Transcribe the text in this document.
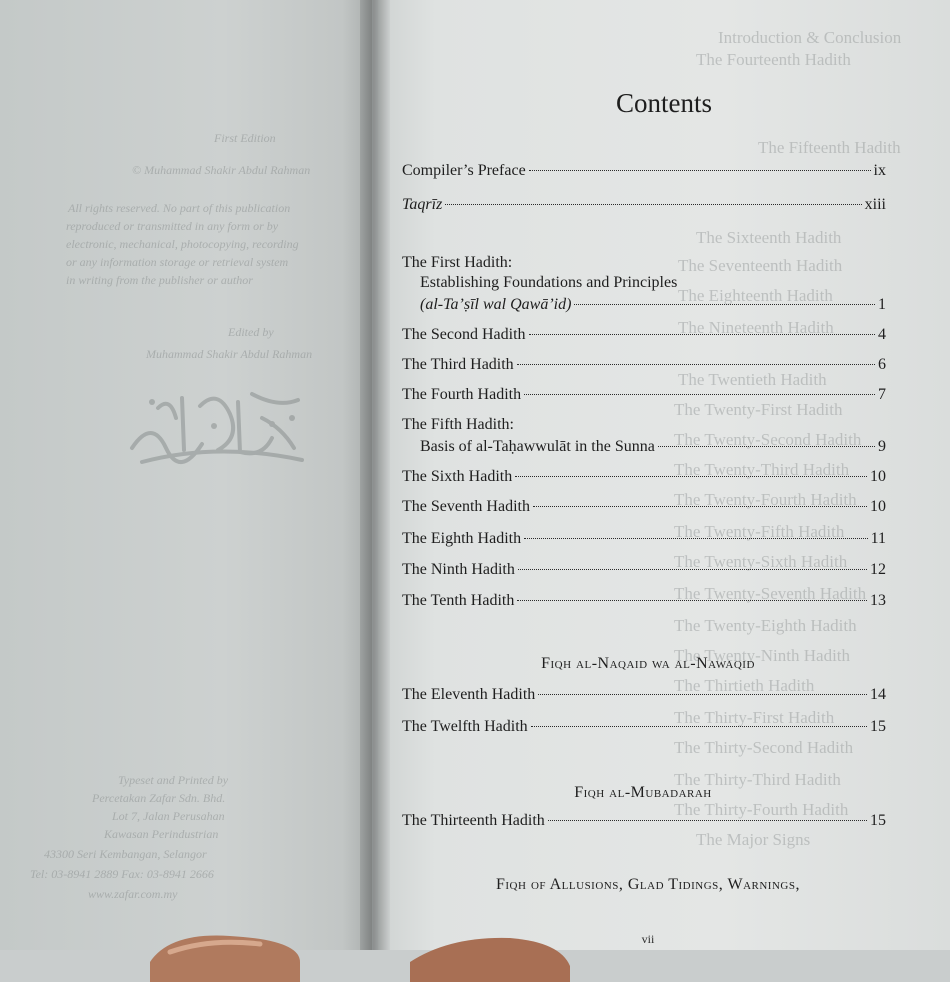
First Edition
© Muhammad Shakir Abdul Rahman
All rights reserved. No part of this publication
reproduced or transmitted in any form or by
electronic, mechanical, photocopying, recording
or any information storage or retrieval system
in writing from the publisher or author
Edited by
Muhammad Shakir Abdul Rahman
Typeset and Printed by
Percetakan Zafar Sdn. Bhd.
Lot 7, Jalan Perusahan
Kawasan Perindustrian
43300 Seri Kembangan, Selangor
Tel: 03-8941 2889 Fax: 03-8941 2666
www.zafar.com.my
Introduction & Conclusion
The Fourteenth Hadith
The Fifteenth Hadith
The Sixteenth Hadith
The Seventeenth Hadith
The Eighteenth Hadith
The Nineteenth Hadith
The Twentieth Hadith
The Twenty-First Hadith
The Twenty-Second Hadith
The Twenty-Third Hadith
The Twenty-Fourth Hadith
The Twenty-Fifth Hadith
The Twenty-Sixth Hadith
The Twenty-Seventh Hadith
The Twenty-Eighth Hadith
The Twenty-Ninth Hadith
The Thirtieth Hadith
The Thirty-First Hadith
The Thirty-Second Hadith
The Thirty-Third Hadith
The Thirty-Fourth Hadith
The Major Signs
Contents
Compiler’s Preface	ix
Taqrīz	xiii
The First Hadith:
Establishing Foundations and Principles
(al-Ta’ṣīl wal Qawā’id)	1
The Second Hadith	4
The Third Hadith	6
The Fourth Hadith	7
The Fifth Hadith:
Basis of al-Taḥawwulāt in the Sunna	9
The Sixth Hadith	10
The Seventh Hadith	10
The Eighth Hadith	11
The Ninth Hadith	12
The Tenth Hadith	13
Fiqh al-Naqaid wa al-Nawaqid
The Eleventh Hadith	14
The Twelfth Hadith	15
Fiqh al-Mubadarah
The Thirteenth Hadith	15
Fiqh of Allusions, Glad Tidings, Warnings,
vii
